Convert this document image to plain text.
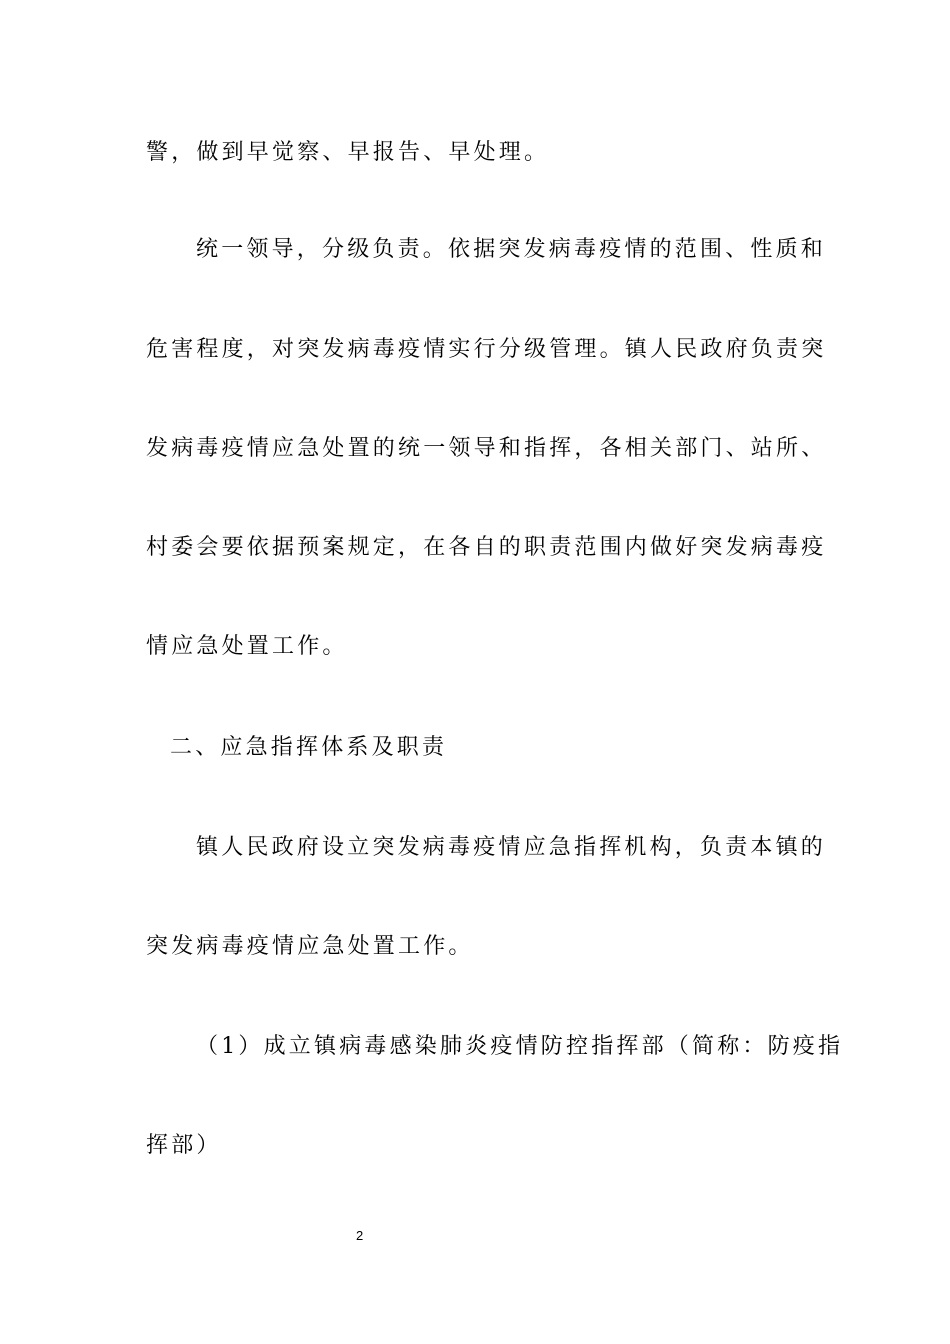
警，做到早觉察、早报告、早处理。
统一领导，分级负责。依据突发病毒疫情的范围、性质和
危害程度，对突发病毒疫情实行分级管理。镇人民政府负责突
发病毒疫情应急处置的统一领导和指挥，各相关部门、站所、
村委会要依据预案规定，在各自的职责范围内做好突发病毒疫
情应急处置工作。
二、应急指挥体系及职责
镇人民政府设立突发病毒疫情应急指挥机构，负责本镇的
突发病毒疫情应急处置工作。
（1）成立镇病毒感染肺炎疫情防控指挥部（简称：防疫指
挥部）
2
